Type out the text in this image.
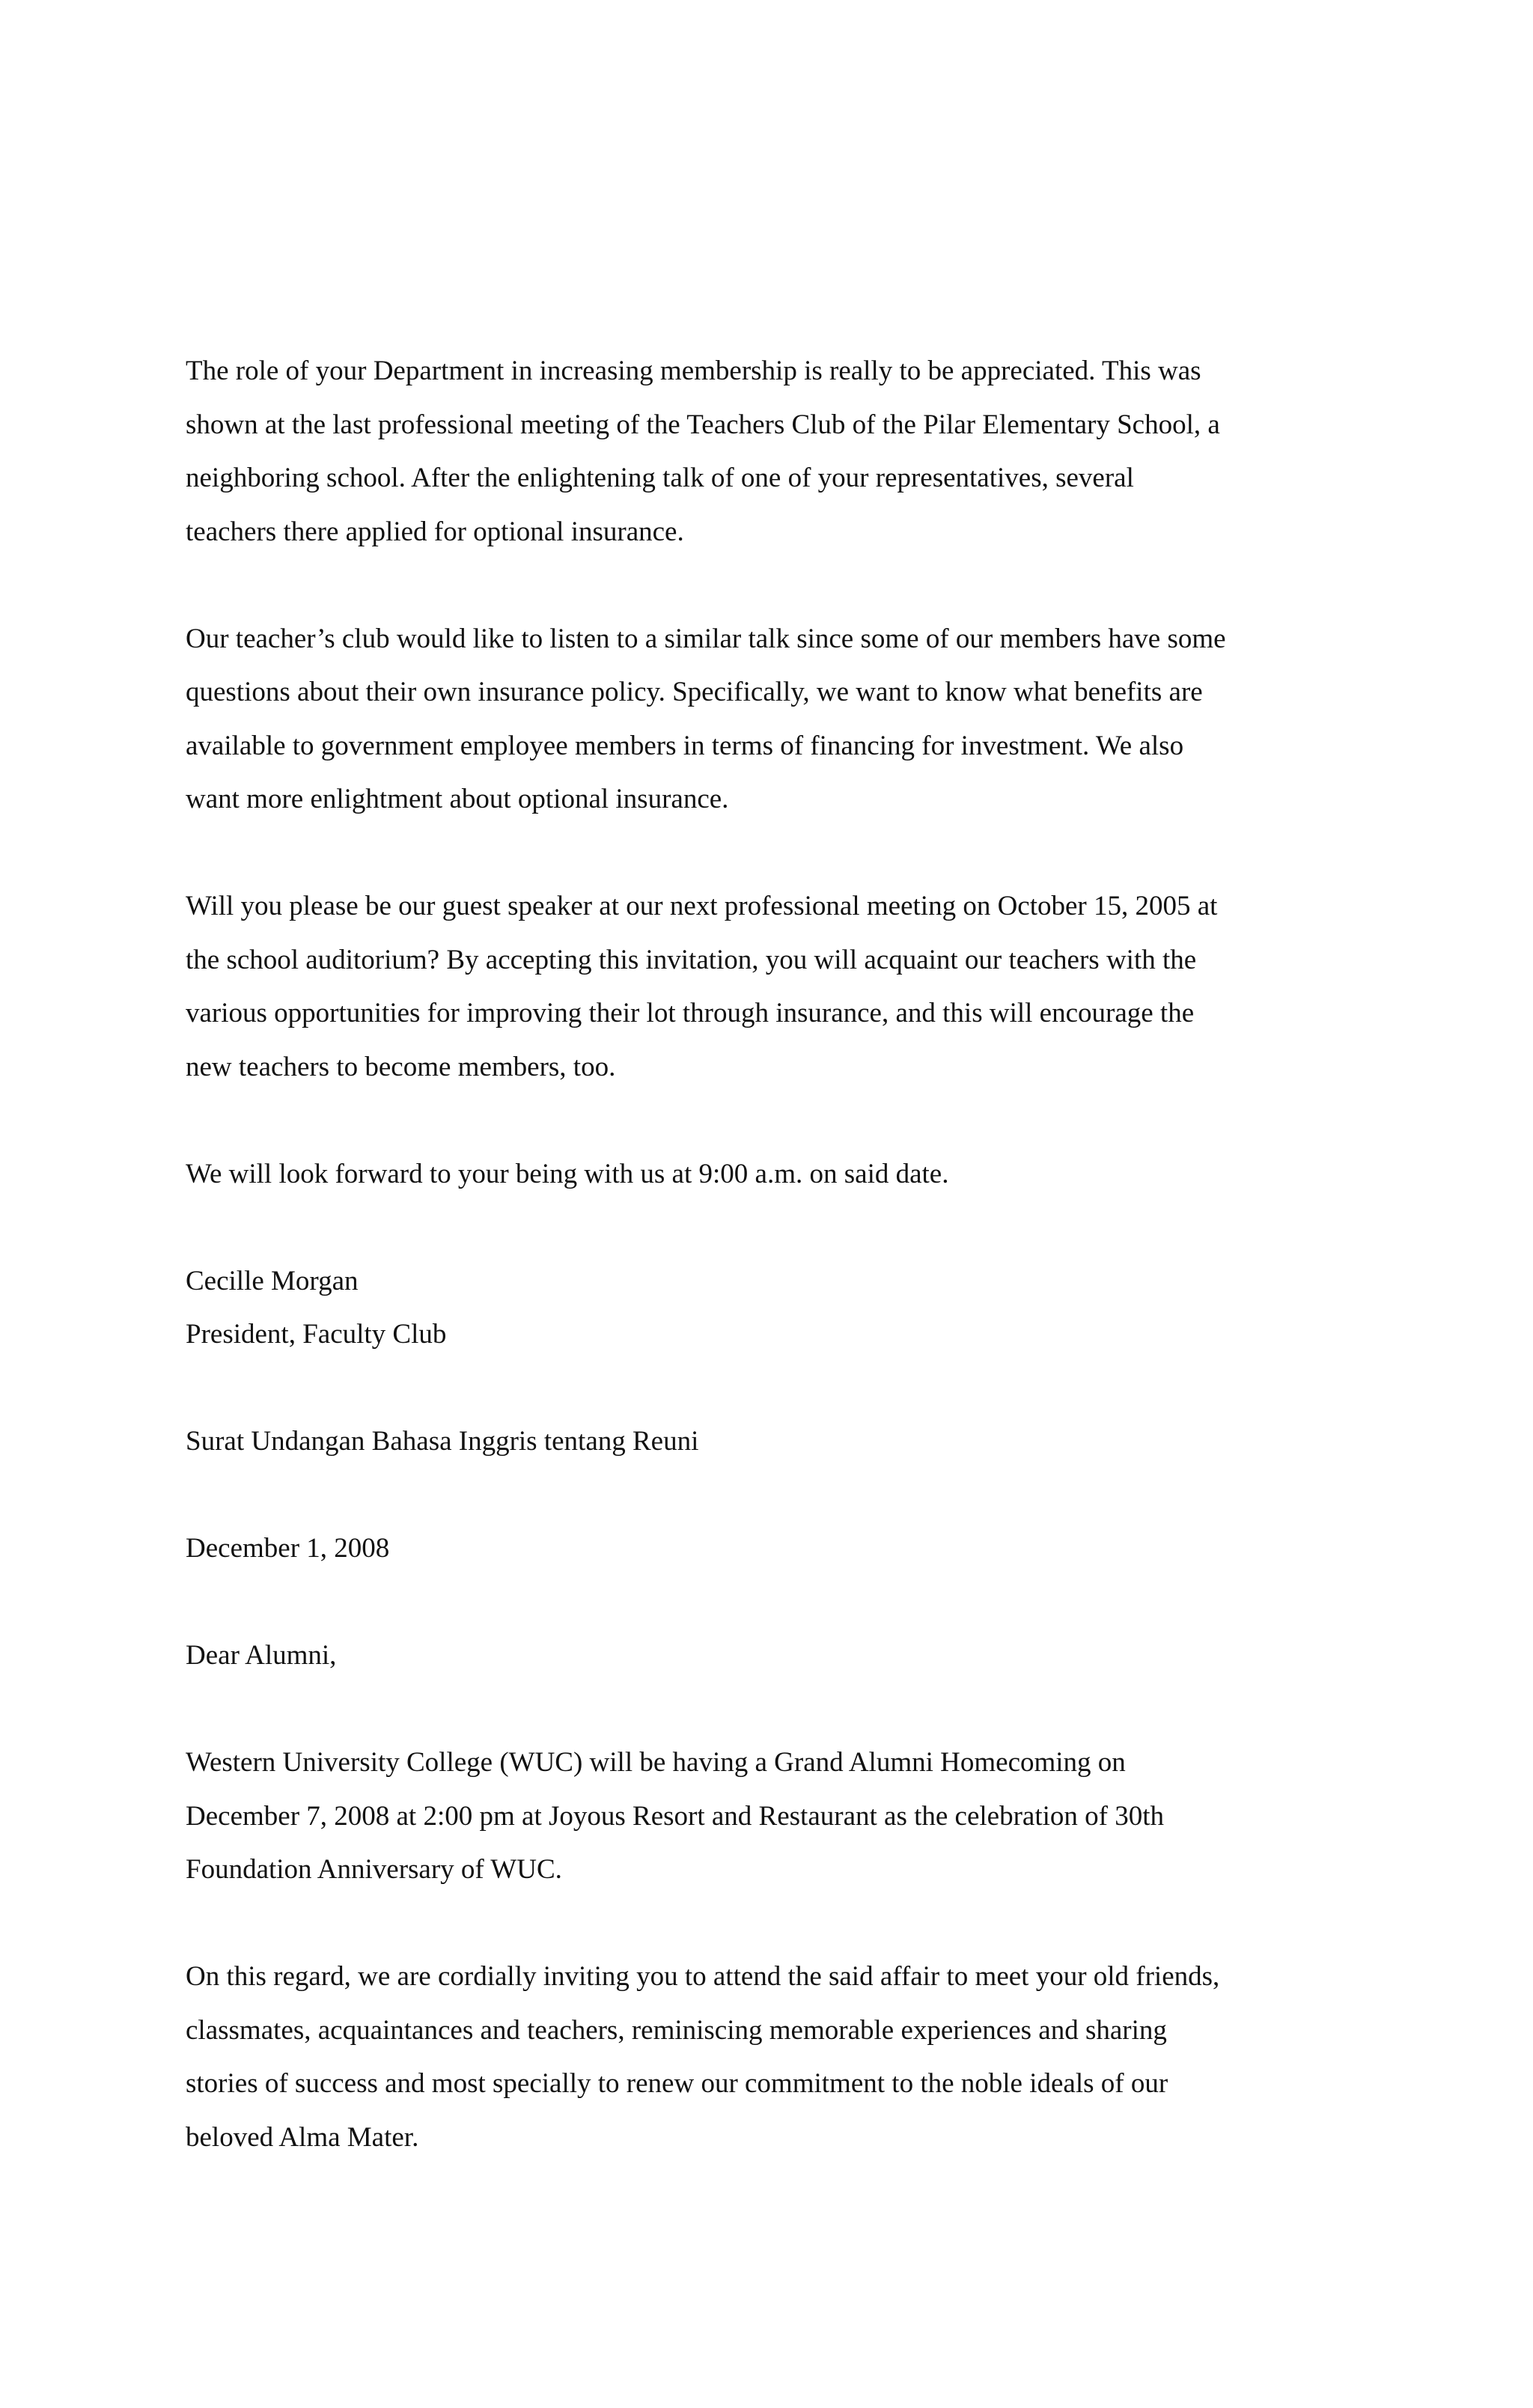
The role of your Department in increasing membership is really to be appreciated. This was
shown at the last professional meeting of the Teachers Club of the Pilar Elementary School, a
neighboring school. After the enlightening talk of one of your representatives, several
teachers there applied for optional insurance.

Our teacher’s club would like to listen to a similar talk since some of our members have some
questions about their own insurance policy. Specifically, we want to know what benefits are
available to government employee members in terms of financing for investment. We also
want more enlightment about optional insurance.

Will you please be our guest speaker at our next professional meeting on October 15, 2005 at
the school auditorium? By accepting this invitation, you will acquaint our teachers with the
various opportunities for improving their lot through insurance, and this will encourage the
new teachers to become members, too.

We will look forward to your being with us at 9:00 a.m. on said date.

Cecille Morgan
President, Faculty Club

Surat Undangan Bahasa Inggris tentang Reuni

December 1, 2008

Dear Alumni,

Western University College (WUC) will be having a Grand Alumni Homecoming on
December 7, 2008 at 2:00 pm at Joyous Resort and Restaurant as the celebration of 30th
Foundation Anniversary of WUC.

On this regard, we are cordially inviting you to attend the said affair to meet your old friends,
classmates, acquaintances and teachers, reminiscing memorable experiences and sharing
stories of success and most specially to renew our commitment to the noble ideals of our
beloved Alma Mater.
